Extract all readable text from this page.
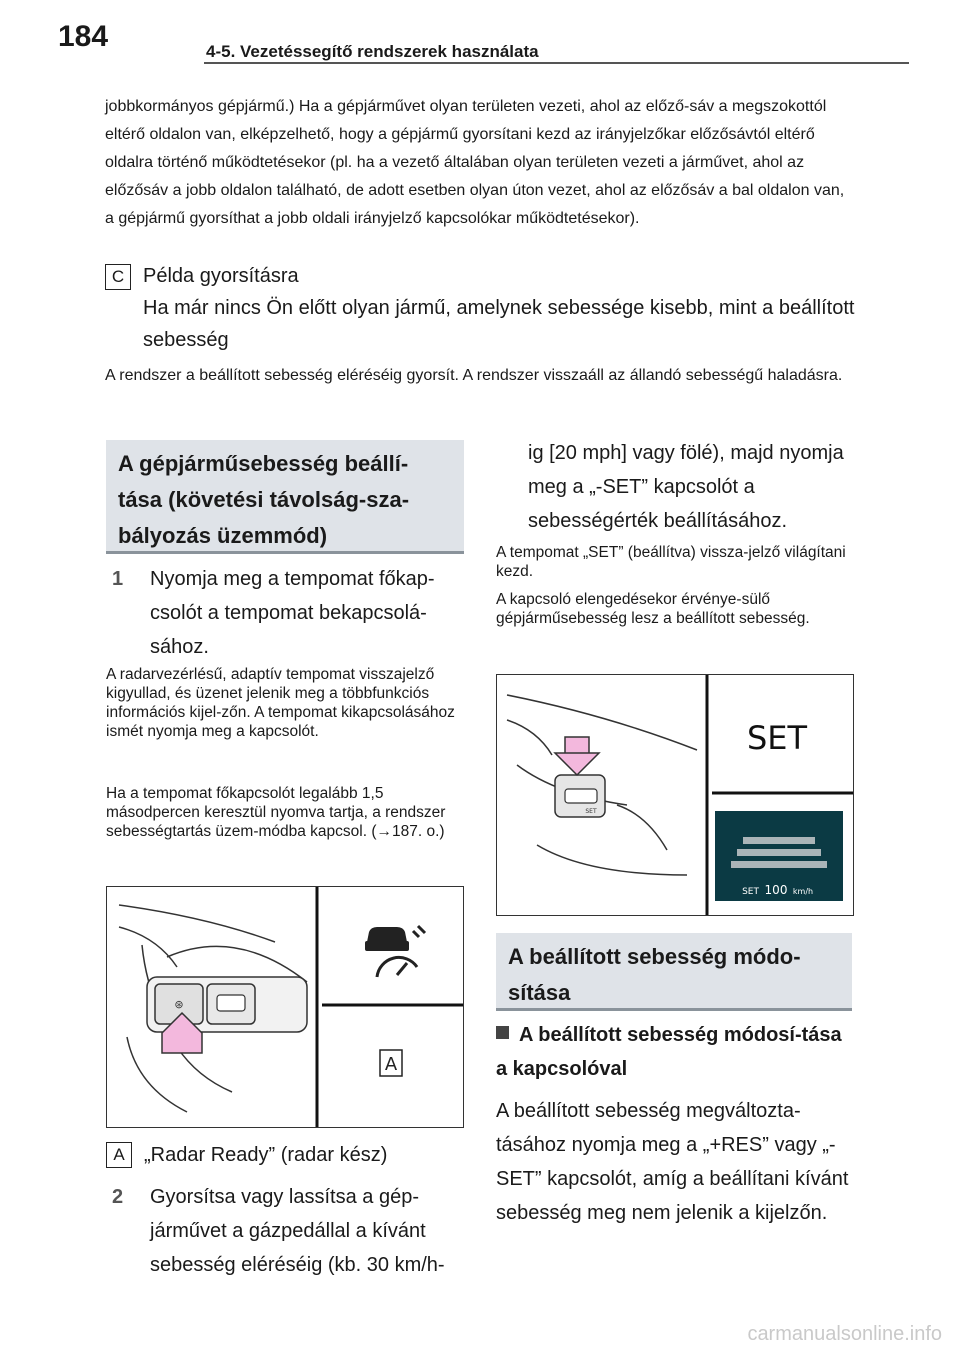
184	4-5. Vezetéssegítő rendszerek használata
jobbkormányos gépjármű.) Ha a gépjárművet olyan területen vezeti, ahol az előző-sáv a megszokottól eltérő oldalon van, elképzelhető, hogy a gépjármű gyorsítani kezd az irányjelzőkar előzősávtól eltérő oldalra történő működtetésekor (pl. ha a vezető általában olyan területen vezeti a járművet, ahol az előzősáv a jobb oldalon található, de adott esetben olyan úton vezet, ahol az előzősáv a bal oldalon van, a gépjármű gyorsíthat a jobb oldali irányjelző kapcsolókar működtetésekor).
C Példa gyorsításra
Ha már nincs Ön előtt olyan jármű, amelynek sebessége kisebb, mint a beállított sebesség
A rendszer a beállított sebesség eléréséig gyorsít. A rendszer visszaáll az állandó sebességű haladásra.
A gépjárműsebesség beállí-tása (követési távolság-sza-bályozás üzemmód)
1 Nyomja meg a tempomat főkap-csolót a tempomat bekapcsolá-sához.
A radarvezérlésű, adaptív tempomat visszajelző kigyullad, és üzenet jelenik meg a többfunkciós információs kijel-zőn. A tempomat kikapcsolásához ismét nyomja meg a kapcsolót.
Ha a tempomat főkapcsolót legalább 1,5 másodpercen keresztül nyomva tartja, a rendszer sebességtartás üzem-módba kapcsol. (→187. o.)
⊛
A
A „Radar Ready” (radar kész)
2 Gyorsítsa vagy lassítsa a gép-járművet a gázpedállal a kívánt sebesség eléréséig (kb. 30 km/h-
ig [20 mph] vagy fölé), majd nyomja meg a „-SET” kapcsolót a sebességérték beállításához.
A tempomat „SET” (beállítva) vissza-jelző világítani kezd.
A kapcsoló elengedésekor érvénye-sülő gépjárműsebesség lesz a beállított sebesség.
SET
SET
SET 100 km/h
A beállított sebesség módo-sítása
A beállított sebesség módosí-tása a kapcsolóval
A beállított sebesség megváltozta-tásához nyomja meg a „+RES” vagy „-SET” kapcsolót, amíg a beállítani kívánt sebesség meg nem jelenik a kijelzőn.
carmanualsonline.info
